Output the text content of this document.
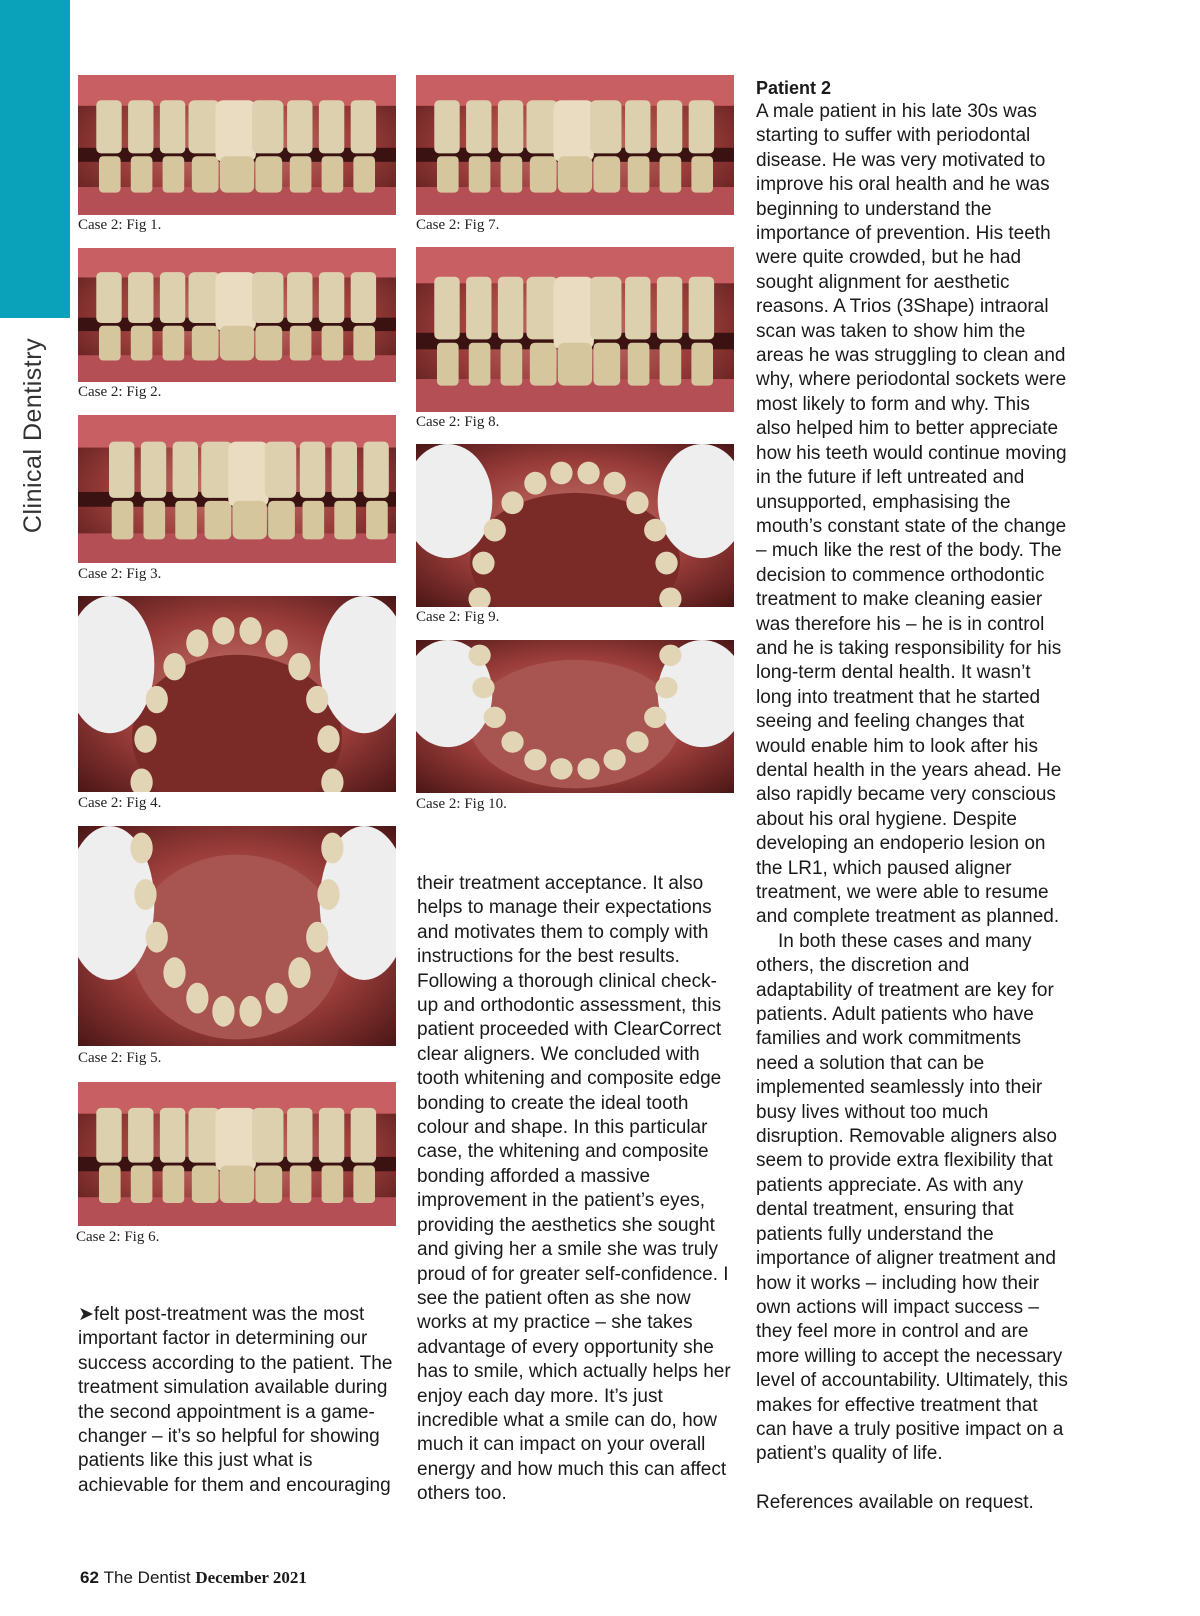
Clinical Dentistry
Case 2: Fig 1.
Case 2: Fig 2.
Case 2: Fig 3.
Case 2: Fig 4.
Case 2: Fig 5.
Case 2: Fig 6.
Case 2: Fig 7.
Case 2: Fig 8.
Case 2: Fig 9.
Case 2: Fig 10.

➤felt post-treatment was the most important factor in determining our success according to the patient. The treatment simulation available during the second appointment is a game-changer – it’s so helpful for showing patients like this just what is achievable for them and encouraging

their treatment acceptance. It also helps to manage their expectations and motivates them to comply with instructions for the best results. Following a thorough clinical check-up and orthodontic assessment, this patient proceeded with ClearCorrect clear aligners. We concluded with tooth whitening and composite edge bonding to create the ideal tooth colour and shape. In this particular case, the whitening and composite bonding afforded a massive improvement in the patient’s eyes, providing the aesthetics she sought and giving her a smile she was truly proud of for greater self-confidence. I see the patient often as she now works at my practice – she takes advantage of every opportunity she has to smile, which actually helps her enjoy each day more. It’s just incredible what a smile can do, how much it can impact on your overall energy and how much this can affect others too.

Patient 2

A male patient in his late 30s was starting to suffer with periodontal disease. He was very motivated to improve his oral health and he was beginning to understand the importance of prevention. His teeth were quite crowded, but he had sought alignment for aesthetic reasons. A Trios (3Shape) intraoral scan was taken to show him the areas he was struggling to clean and why, where periodontal sockets were most likely to form and why. This also helped him to better appreciate how his teeth would continue moving in the future if left untreated and unsupported, emphasising the mouth’s constant state of the change – much like the rest of the body. The decision to commence orthodontic treatment to make cleaning easier was therefore his – he is in control and he is taking responsibility for his long-term dental health. It wasn’t long into treatment that he started seeing and feeling changes that would enable him to look after his dental health in the years ahead. He also rapidly became very conscious about his oral hygiene. Despite developing an endoperio lesion on the LR1, which paused aligner treatment, we were able to resume and complete treatment as planned.

In both these cases and many others, the discretion and adaptability of treatment are key for patients. Adult patients who have families and work commitments need a solution that can be implemented seamlessly into their busy lives without too much disruption. Removable aligners also seem to provide extra flexibility that patients appreciate. As with any dental treatment, ensuring that patients fully understand the importance of aligner treatment and how it works – including how their own actions will impact success – they feel more in control and are more willing to accept the necessary level of accountability. Ultimately, this makes for effective treatment that can have a truly positive impact on a patient’s quality of life.

References available on request.

62 The Dentist December 2021
